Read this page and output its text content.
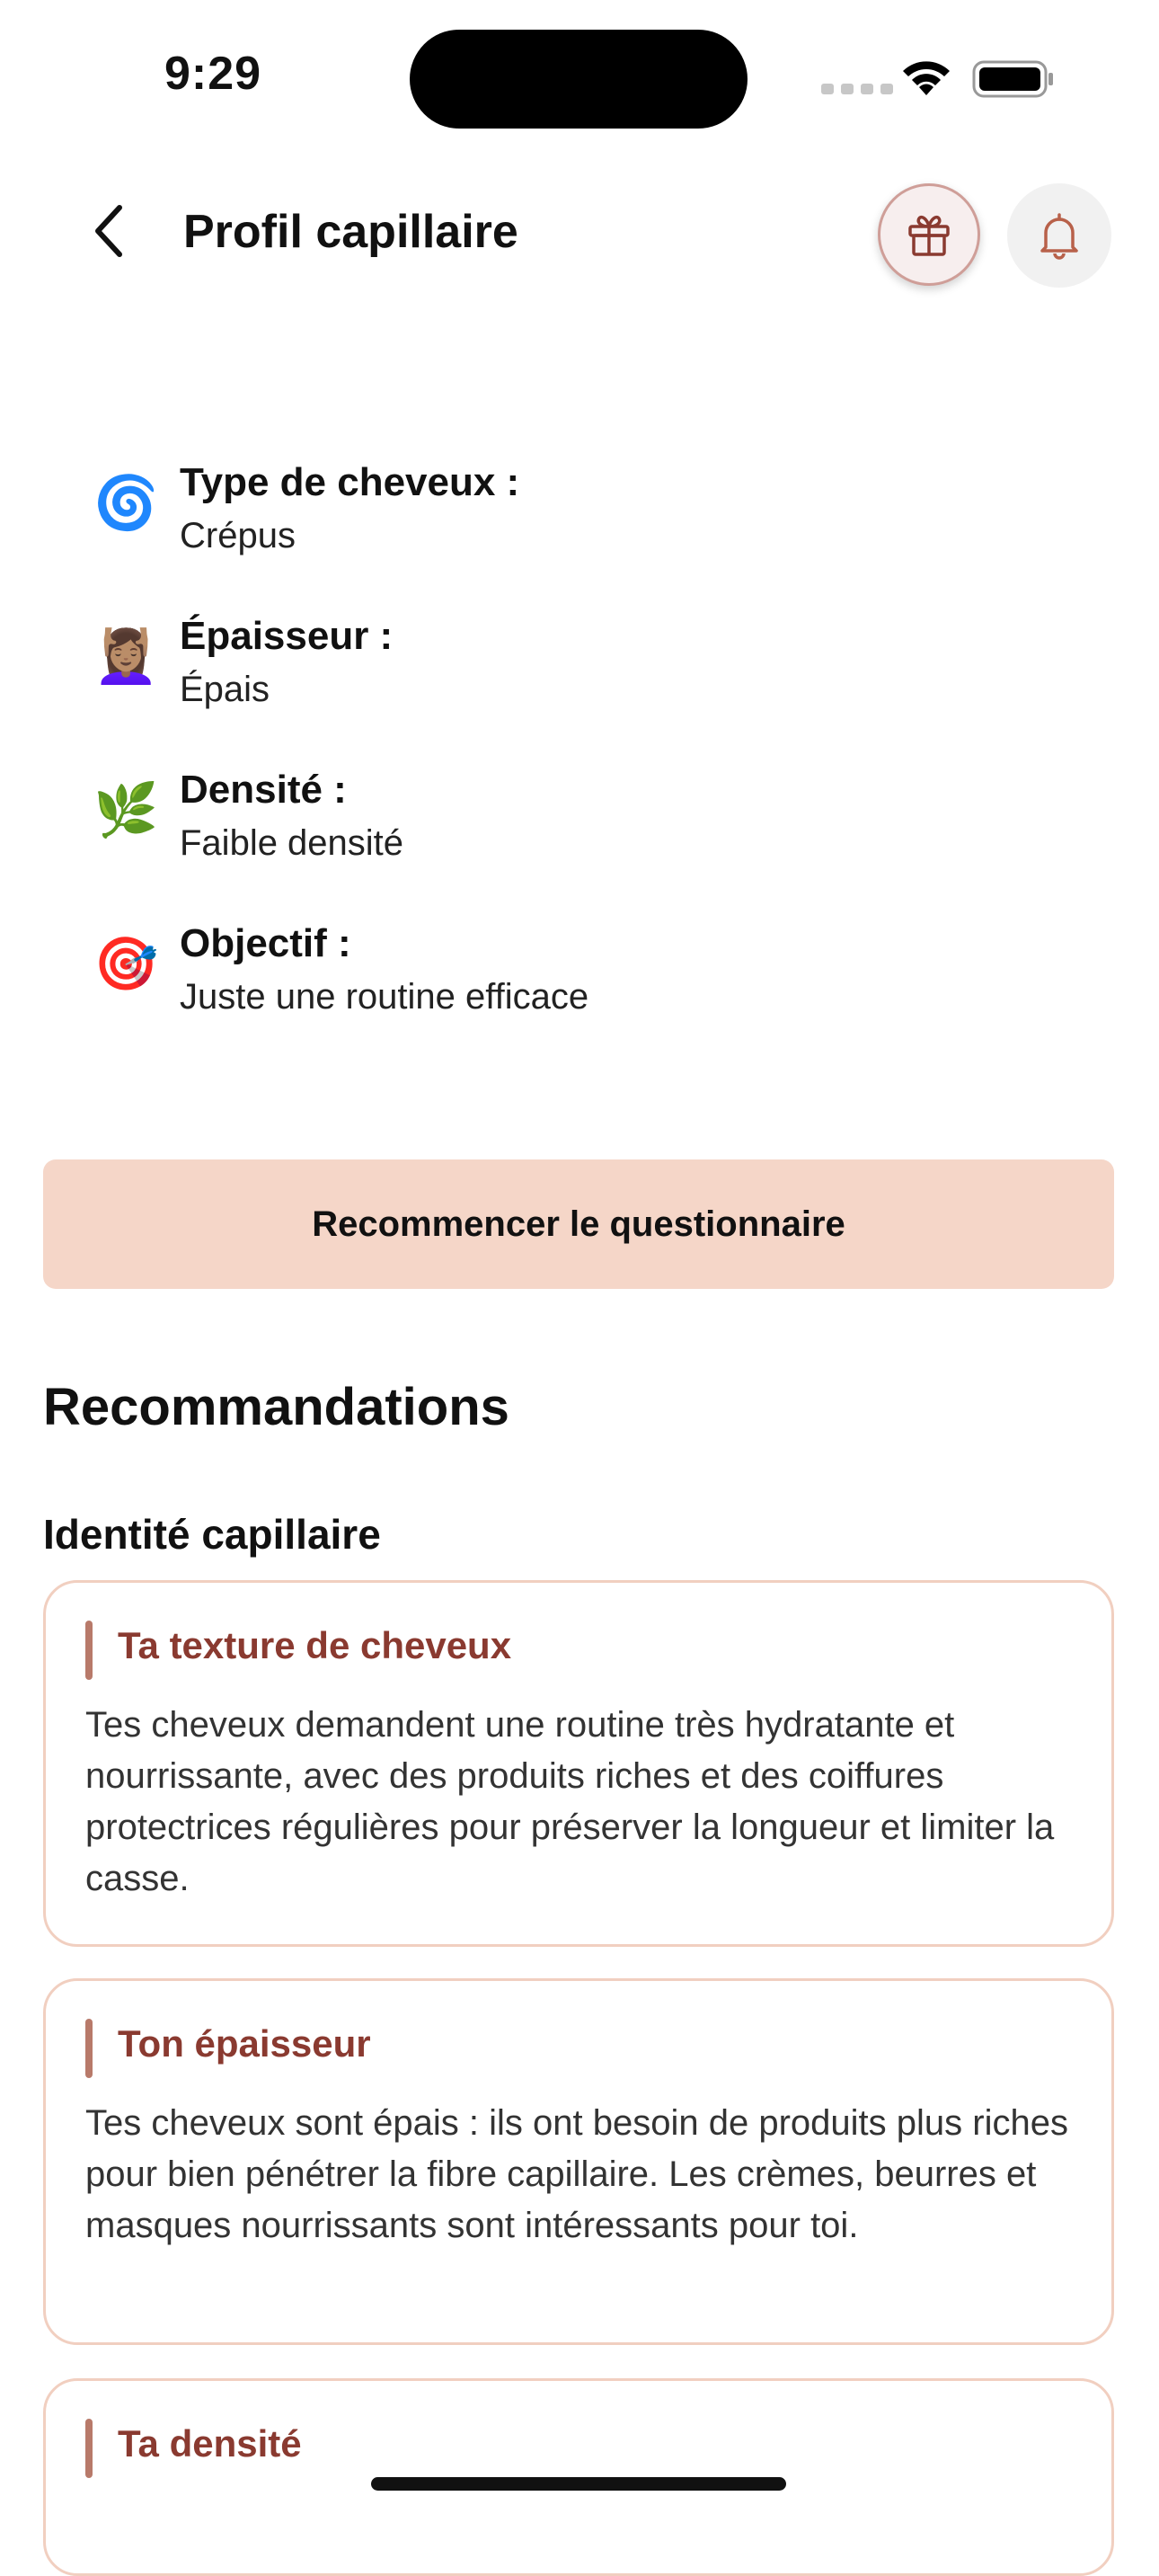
9:29
Profil capillaire
🌀 Type de cheveux :
Crépus
💆🏽‍♀️ Épaisseur :
Épais
🌿 Densité :
Faible densité
🎯 Objectif :
Juste une routine efficace
Recommencer le questionnaire
Recommandations
Identité capillaire
Ta texture de cheveux
Tes cheveux demandent une routine très hydratante et nourrissante, avec des produits riches et des coiffures protectrices régulières pour préserver la longueur et limiter la casse.
Ton épaisseur
Tes cheveux sont épais : ils ont besoin de produits plus riches pour bien pénétrer la fibre capillaire. Les crèmes, beurres et masques nourrissants sont intéressants pour toi.
Ta densité
